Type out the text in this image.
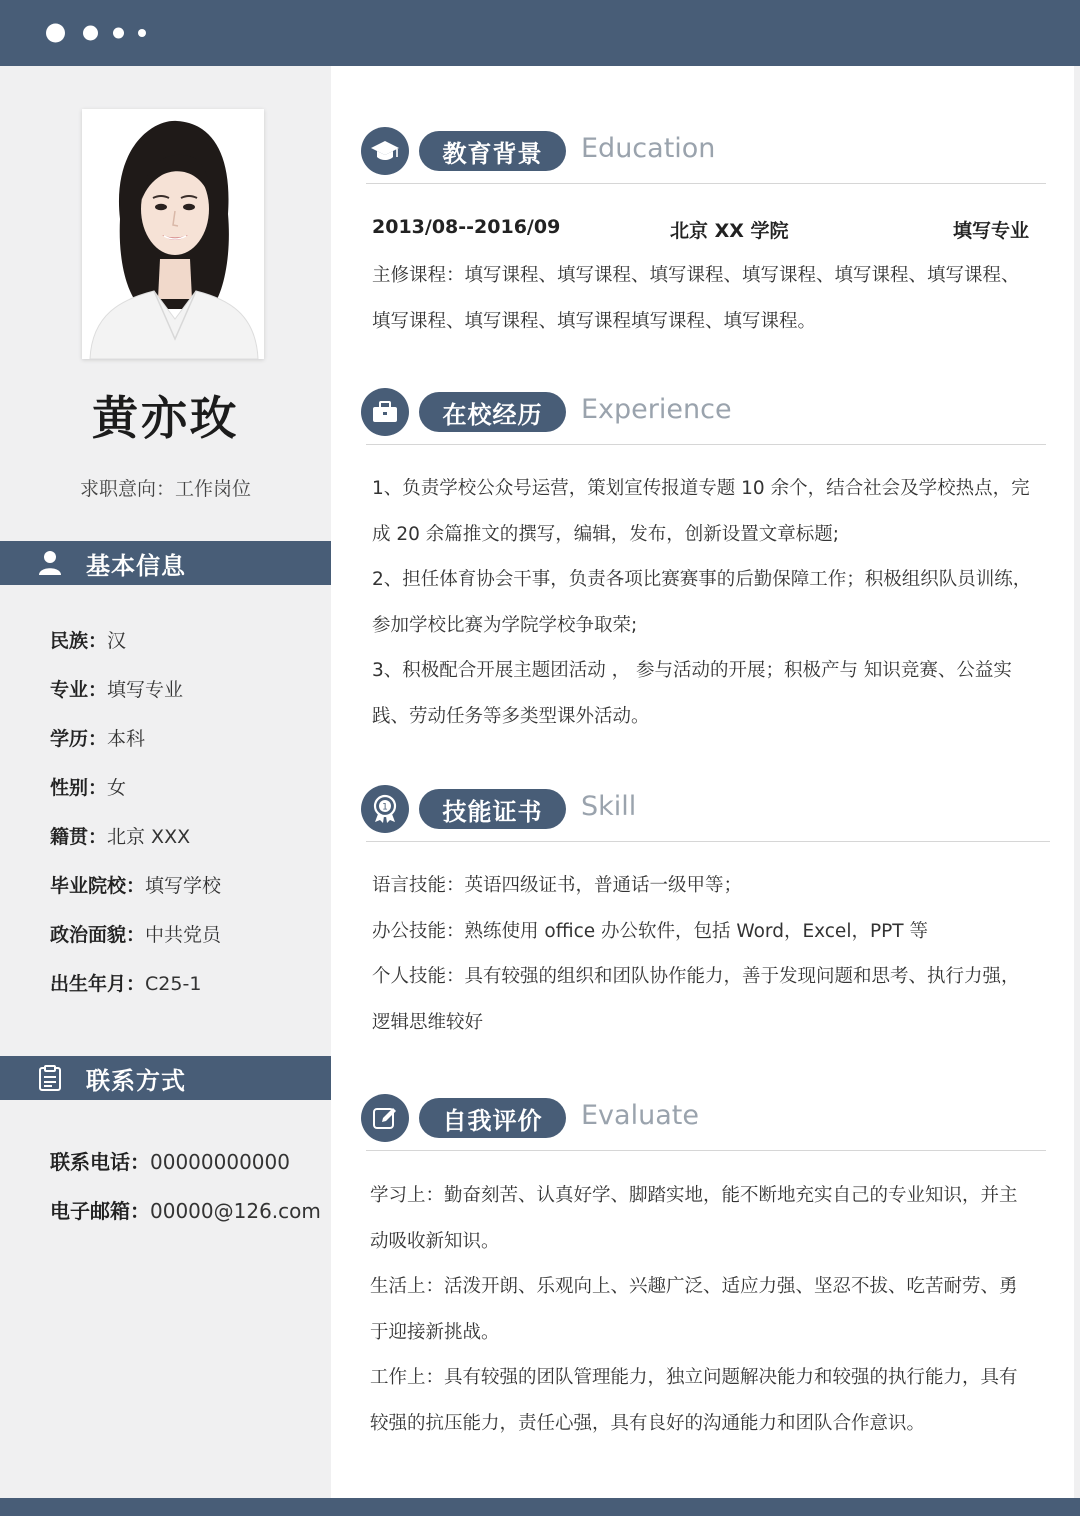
黄亦玫
求职意向：工作岗位
基本信息
民族：汉
专业：填写专业
学历：本科
性别：女
籍贯：北京 XXX
毕业院校：填写学校
政治面貌：中共党员
出生年月：C25-1
联系方式
联系电话：00000000000
电子邮箱：00000@126.com
教育背景	Education
2013/08--2016/09	北京 XX 学院	填写专业
主修课程：填写课程、填写课程、填写课程、填写课程、填写课程、填写课程、
填写课程、填写课程、填写课程填写课程、填写课程。
在校经历	Experience
1、负责学校公众号运营，策划宣传报道专题 10 余个，结合社会及学校热点，完
成 20 余篇推文的撰写，编辑，发布，创新设置文章标题;
2、担任体育协会干事，负责各项比赛赛事的后勤保障工作；积极组织队员训练，
参加学校比赛为学院学校争取荣;
3、积极配合开展主题团活动 ， 参与活动的开展；积极产与 知识竞赛、公益实
践、劳动任务等多类型课外活动。
1	技能证书	Skill
语言技能：英语四级证书，普通话一级甲等；
办公技能：熟练使用 office 办公软件，包括 Word，Excel，PPT 等
个人技能：具有较强的组织和团队协作能力，善于发现问题和思考、执行力强，
逻辑思维较好
自我评价	Evaluate
学习上：勤奋刻苦、认真好学、脚踏实地，能不断地充实自己的专业知识，并主
动吸收新知识。
生活上：活泼开朗、乐观向上、兴趣广泛、适应力强、坚忍不拔、吃苦耐劳、勇
于迎接新挑战。
工作上：具有较强的团队管理能力，独立问题解决能力和较强的执行能力，具有
较强的抗压能力，责任心强，具有良好的沟通能力和团队合作意识。
